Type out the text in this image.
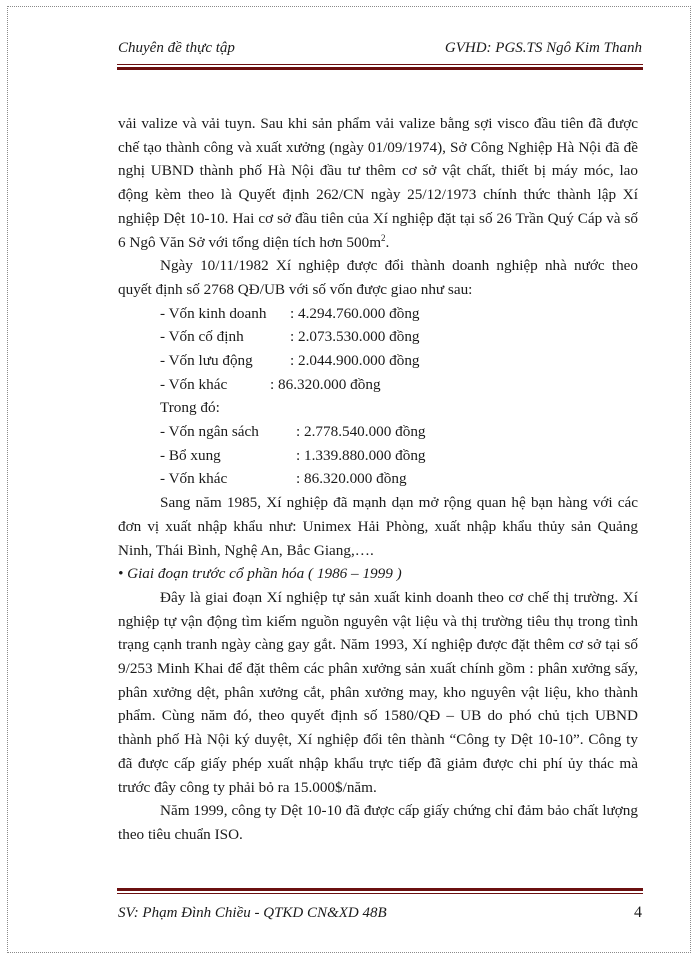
Chuyên đề thực tập	GVHD: PGS.TS Ngô Kim Thanh

vải valize và vải tuyn. Sau khi sản phẩm vải valize bằng sợi visco đầu tiên đã được chế tạo thành công và xuất xưởng (ngày 01/09/1974), Sở Công Nghiệp Hà Nội đã đề nghị UBND thành phố Hà Nội đầu tư thêm cơ sở vật chất, thiết bị máy móc, lao động kèm theo là Quyết định 262/CN ngày 25/12/1973 chính thức thành lập Xí nghiệp Dệt 10-10. Hai cơ sở đầu tiên của Xí nghiệp đặt tại số 26 Trần Quý Cáp và số 6 Ngô Văn Sở với tổng diện tích hơn $500m^2$.

Ngày 10/11/1982 Xí nghiệp được đổi thành doanh nghiệp nhà nước theo quyết định số 2768 QĐ/UB với số vốn được giao như sau:

- Vốn kinh doanh	: 4.294.760.000 đồng
- Vốn cố định	: 2.073.530.000 đồng
- Vốn lưu động	: 2.044.900.000 đồng
- Vốn khác	: 86.320.000 đồng
Trong đó:
- Vốn ngân sách	: 2.778.540.000 đồng
- Bổ xung	: 1.339.880.000 đồng
- Vốn khác	: 86.320.000 đồng

Sang năm 1985, Xí nghiệp đã mạnh dạn mở rộng quan hệ bạn hàng với các đơn vị xuất nhập khẩu như: Unimex Hải Phòng, xuất nhập khẩu thủy sản Quảng Ninh, Thái Bình, Nghệ An, Bắc Giang,….

• Giai đoạn trước cổ phần hóa ( 1986 – 1999 )

Đây là giai đoạn Xí nghiệp tự sản xuất kinh doanh theo cơ chế thị trường. Xí nghiệp tự vận động tìm kiếm nguồn nguyên vật liệu và thị trường tiêu thụ trong tình trạng cạnh tranh ngày càng gay gắt. Năm 1993, Xí nghiệp được đặt thêm cơ sở tại số 9/253 Minh Khai để đặt thêm các phân xưởng sản xuất chính gồm : phân xưởng sấy, phân xưởng dệt, phân xưởng cắt, phân xưởng may, kho nguyên vật liệu, kho thành phẩm. Cùng năm đó, theo quyết định số 1580/QĐ – UB do phó chủ tịch UBND thành phố Hà Nội ký duyệt, Xí nghiệp đổi tên thành “Công ty Dệt 10-10”. Công ty đã được cấp giấy phép xuất nhập khẩu trực tiếp đã giảm được chi phí ủy thác mà trước đây công ty phải bỏ ra 15.000$/năm.

Năm 1999, công ty Dệt 10-10 đã được cấp giấy chứng chỉ đảm bảo chất lượng theo tiêu chuẩn ISO.

SV: Phạm Đình Chiều - QTKD CN&XD 48B	4
